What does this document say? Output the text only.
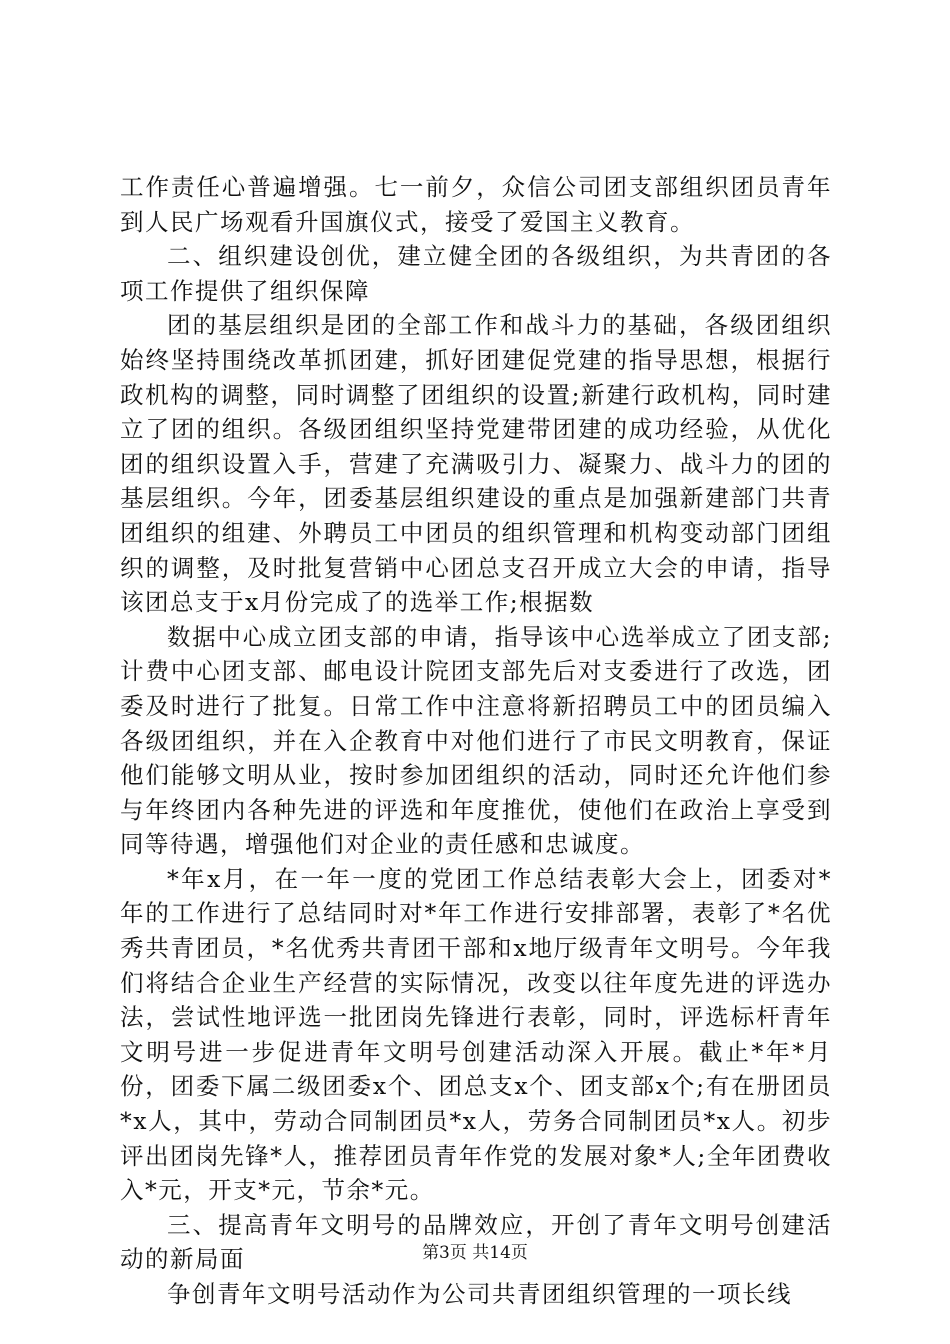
工作责任心普遍增强。七一前夕，众信公司团支部组织团员青年到人民广场观看升国旗仪式，接受了爱国主义教育。

二、组织建设创优，建立健全团的各级组织，为共青团的各项工作提供了组织保障

团的基层组织是团的全部工作和战斗力的基础，各级团组织始终坚持围绕改革抓团建，抓好团建促党建的指导思想，根据行政机构的调整，同时调整了团组织的设置;新建行政机构，同时建立了团的组织。各级团组织坚持党建带团建的成功经验，从优化团的组织设置入手，营建了充满吸引力、凝聚力、战斗力的团的基层组织。今年，团委基层组织建设的重点是加强新建部门共青团组织的组建、外聘员工中团员的组织管理和机构变动部门团组织的调整，及时批复营销中心团总支召开成立大会的申请，指导该团总支于x月份完成了的选举工作;根据数

数据中心成立团支部的申请，指导该中心选举成立了团支部;计费中心团支部、邮电设计院团支部先后对支委进行了改选，团委及时进行了批复。日常工作中注意将新招聘员工中的团员编入各级团组织，并在入企教育中对他们进行了市民文明教育，保证他们能够文明从业，按时参加团组织的活动，同时还允许他们参与年终团内各种先进的评选和年度推优，使他们在政治上享受到同等待遇，增强他们对企业的责任感和忠诚度。

*年x月，在一年一度的党团工作总结表彰大会上，团委对*年的工作进行了总结同时对*年工作进行安排部署，表彰了*名优秀共青团员，*名优秀共青团干部和x地厅级青年文明号。今年我们将结合企业生产经营的实际情况，改变以往年度先进的评选办法，尝试性地评选一批团岗先锋进行表彰，同时，评选标杆青年文明号进一步促进青年文明号创建活动深入开展。截止*年*月份，团委下属二级团委x个、团总支x个、团支部x个;有在册团员*x人，其中，劳动合同制团员*x人，劳务合同制团员*x人。初步评出团岗先锋*人，推荐团员青年作党的发展对象*人;全年团费收入*元，开支*元，节余*元。

三、提高青年文明号的品牌效应，开创了青年文明号创建活动的新局面

争创青年文明号活动作为公司共青团组织管理的一项长线

第3页 共14页
